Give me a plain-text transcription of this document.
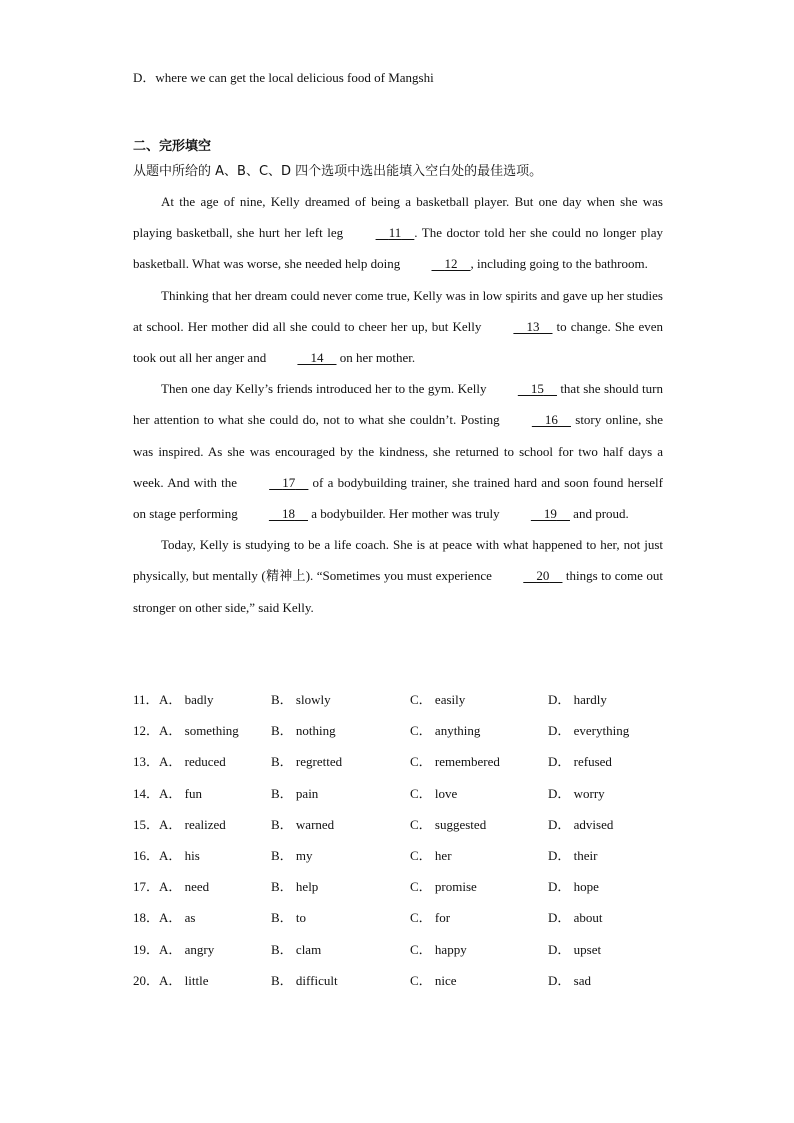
D．where we can get the local delicious food of Mangshi
二、完形填空
从题中所给的 A、B、C、D 四个选项中选出能填入空白处的最佳选项。

At the age of nine, Kelly dreamed of being a basketball player. But one day when she was playing basketball, she hurt her left leg	11 . The doctor told her she could no longer play basketball. What was worse, she needed help doing	12 , including going to the bathroom.

Thinking that her dream could never come true, Kelly was in low spirits and gave up her studies at school. Her mother did all she could to cheer her up, but Kelly	13 to change. She even took out all her anger and	14 on her mother.

Then one day Kelly’s friends introduced her to the gym. Kelly	15 that she should turn her attention to what she could do, not to what she couldn’t. Posting	16 story online, she was inspired. As she was encouraged by the kindness, she returned to school for two half days a week. And with the	17 of a bodybuilding trainer, she trained hard and soon found herself on stage performing	18 a bodybuilder. Her mother was truly	19 and proud.

Today, Kelly is studying to be a life coach. She is at peace with what happened to her, not just physically, but mentally (精神上). “Sometimes you must experience	20 things to come out stronger on other side,” said Kelly.

11． A． badly	B． slowly	C． easily	D． hardly
12． A． something B． nothing	C． anything	D． everything
13． A． reduced	B． regretted	C． remembered	D． refused
14． A． fun	B． pain	C． love	D． worry
15． A． realized	B． warned	C． suggested	D． advised
16． A． his	B． my	C． her	D． their
17． A． need	B． help	C． promise	D． hope
18． A． as	B． to	C． for	D． about
19． A． angry	B． clam	C． happy	D． upset
20． A． little	B． difficult	C． nice	D． sad
